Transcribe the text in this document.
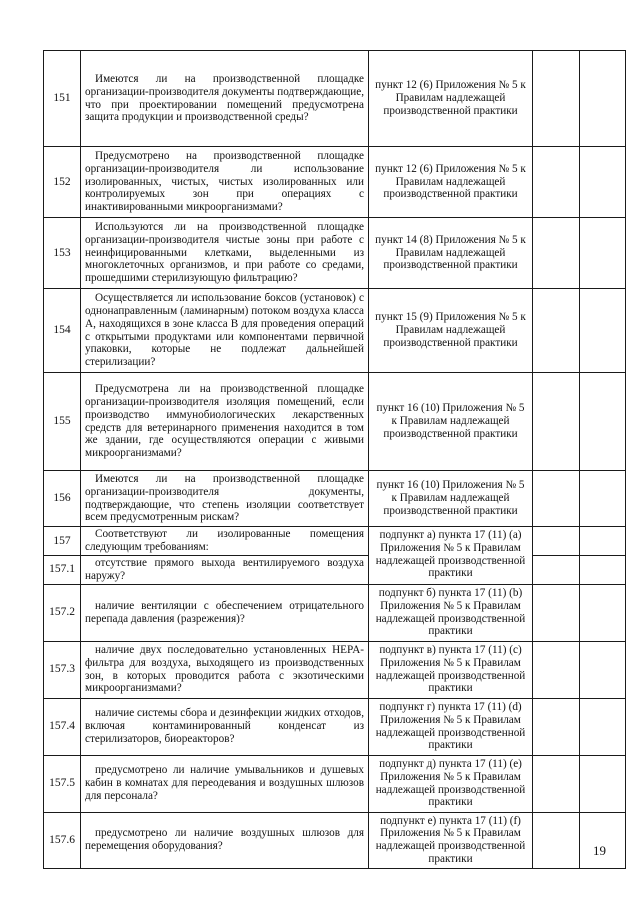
151	Имеются ли на производственной площадке организации-производителя документы подтверждающие, что при проектировании помещений предусмотрена защита продукции и производственной среды?	пункт 12 (6) Приложения № 5 к Правилам надлежащей производственной практики		
152	Предусмотрено на производственной площадке организации-производителя ли использование изолированных, чистых, чистых изолированных или контролируемых зон при операциях с инактивированными микроорганизмами?	пункт 12 (6) Приложения № 5 к Правилам надлежащей производственной практики		
153	Используются ли на производственной площадке организации-производителя чистые зоны при работе с неинфицированными клетками, выделенными из многоклеточных организмов, и при работе со средами, прошедшими стерилизующую фильтрацию?	пункт 14 (8) Приложения № 5 к Правилам надлежащей производственной практики		
154	Осуществляется ли использование боксов (установок) с однонаправленным (ламинарным) потоком воздуха класса А, находящихся в зоне класса В для проведения операций с открытыми продуктами или компонентами первичной упаковки, которые не подлежат дальнейшей стерилизации?	пункт 15 (9) Приложения № 5 к Правилам надлежащей производственной практики		
155	Предусмотрена ли на производственной площадке организации-производителя изоляция помещений, если производство иммунобиологических лекарственных средств для ветеринарного применения находится в том же здании, где осуществляются операции с живыми микроорганизмами?	пункт 16 (10) Приложения № 5 к Правилам надлежащей производственной практики		
156	Имеются ли на производственной площадке организации-производителя документы, подтверждающие, что степень изоляции соответствует всем предусмотренным рискам?	пункт 16 (10) Приложения № 5 к Правилам надлежащей производственной практики		
157	Соответствуют ли изолированные помещения следующим требованиям:	подпункт а) пункта 17 (11) (a) Приложения № 5 к Правилам надлежащей производственной практики		
157.1	отсутствие прямого выхода вентилируемого воздуха наружу?			
157.2	наличие вентиляции с обеспечением отрицательного перепада давления (разрежения)?	подпункт б) пункта 17 (11) (b) Приложения № 5 к Правилам надлежащей производственной практики		
157.3	наличие двух последовательно установленных HEPA-фильтра для воздуха, выходящего из производственных зон, в которых проводится работа с экзотическими микроорганизмами?	подпункт в) пункта 17 (11) (c) Приложения № 5 к Правилам надлежащей производственной практики		
157.4	наличие системы сбора и дезинфекции жидких отходов, включая контаминированный конденсат из стерилизаторов, биореакторов?	подпункт г) пункта 17 (11) (d) Приложения № 5 к Правилам надлежащей производственной практики		
157.5	предусмотрено ли наличие умывальников и душевых кабин в комнатах для переодевания и воздушных шлюзов для персонала?	подпункт д) пункта 17 (11) (e) Приложения № 5 к Правилам надлежащей производственной практики		
157.6	предусмотрено ли наличие воздушных шлюзов для перемещения оборудования?	подпункт е) пункта 17 (11) (f) Приложения № 5 к Правилам надлежащей производственной практики		
19
